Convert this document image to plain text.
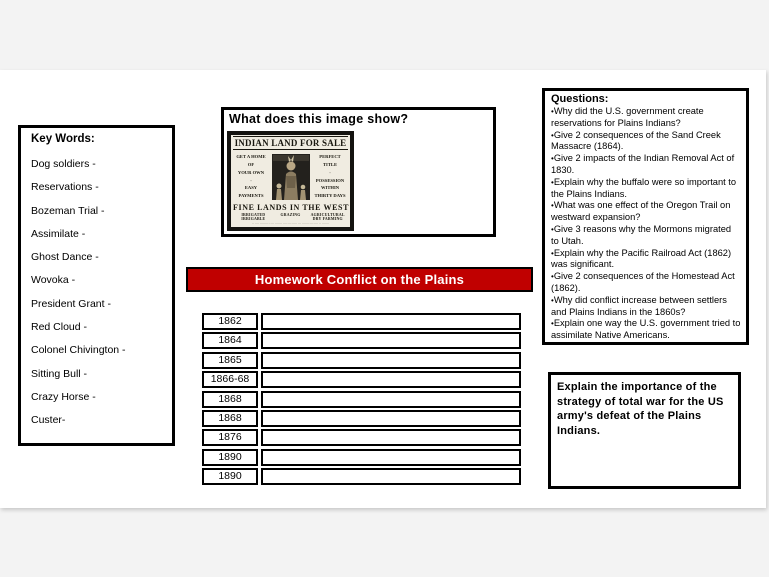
Key Words:
Dog soldiers -
Reservations -
Bozeman Trial -
Assimilate -
Ghost Dance -
Wovoka -
President Grant -
Red Cloud -
Colonel Chivington -
Sitting Bull -
Crazy Horse -
Custer-
What does this image show?
INDIAN LAND FOR SALE
GET A HOME
OF
YOUR OWN
·
EASY PAYMENTS
PERFECT TITLE
·
POSSESSION
WITHIN
THIRTY DAYS
FINE LANDS IN THE WEST
IRRIGATED IRRIGABLE
GRAZING	AGRICULTURAL DRY FARMING
·· ···· ········ ·· ··· ······· ···· ···· ····· ··· ······· ···· ···· ·· ·······
Homework Conflict on the Plains
1862
1864
1865
1866-68
1868
1868
1876
1890
1890
Questions:
•Why did the U.S. government create reservations for Plains Indians?
•Give 2 consequences of the Sand Creek Massacre (1864).
•Give 2 impacts of the Indian Removal Act of 1830.
•Explain why the buffalo were so important to the Plains Indians.
•What was one effect of the Oregon Trail on westward expansion?
•Give 3 reasons why the Mormons migrated to Utah.
•Explain why the Pacific Railroad Act (1862) was significant.
•Give 2 consequences of the Homestead Act (1862).
•Why did conflict increase between settlers and Plains Indians in the 1860s?
•Explain one way the U.S. government tried to assimilate Native Americans.
Explain the importance of the strategy of total war for the US army's defeat of the Plains Indians.
